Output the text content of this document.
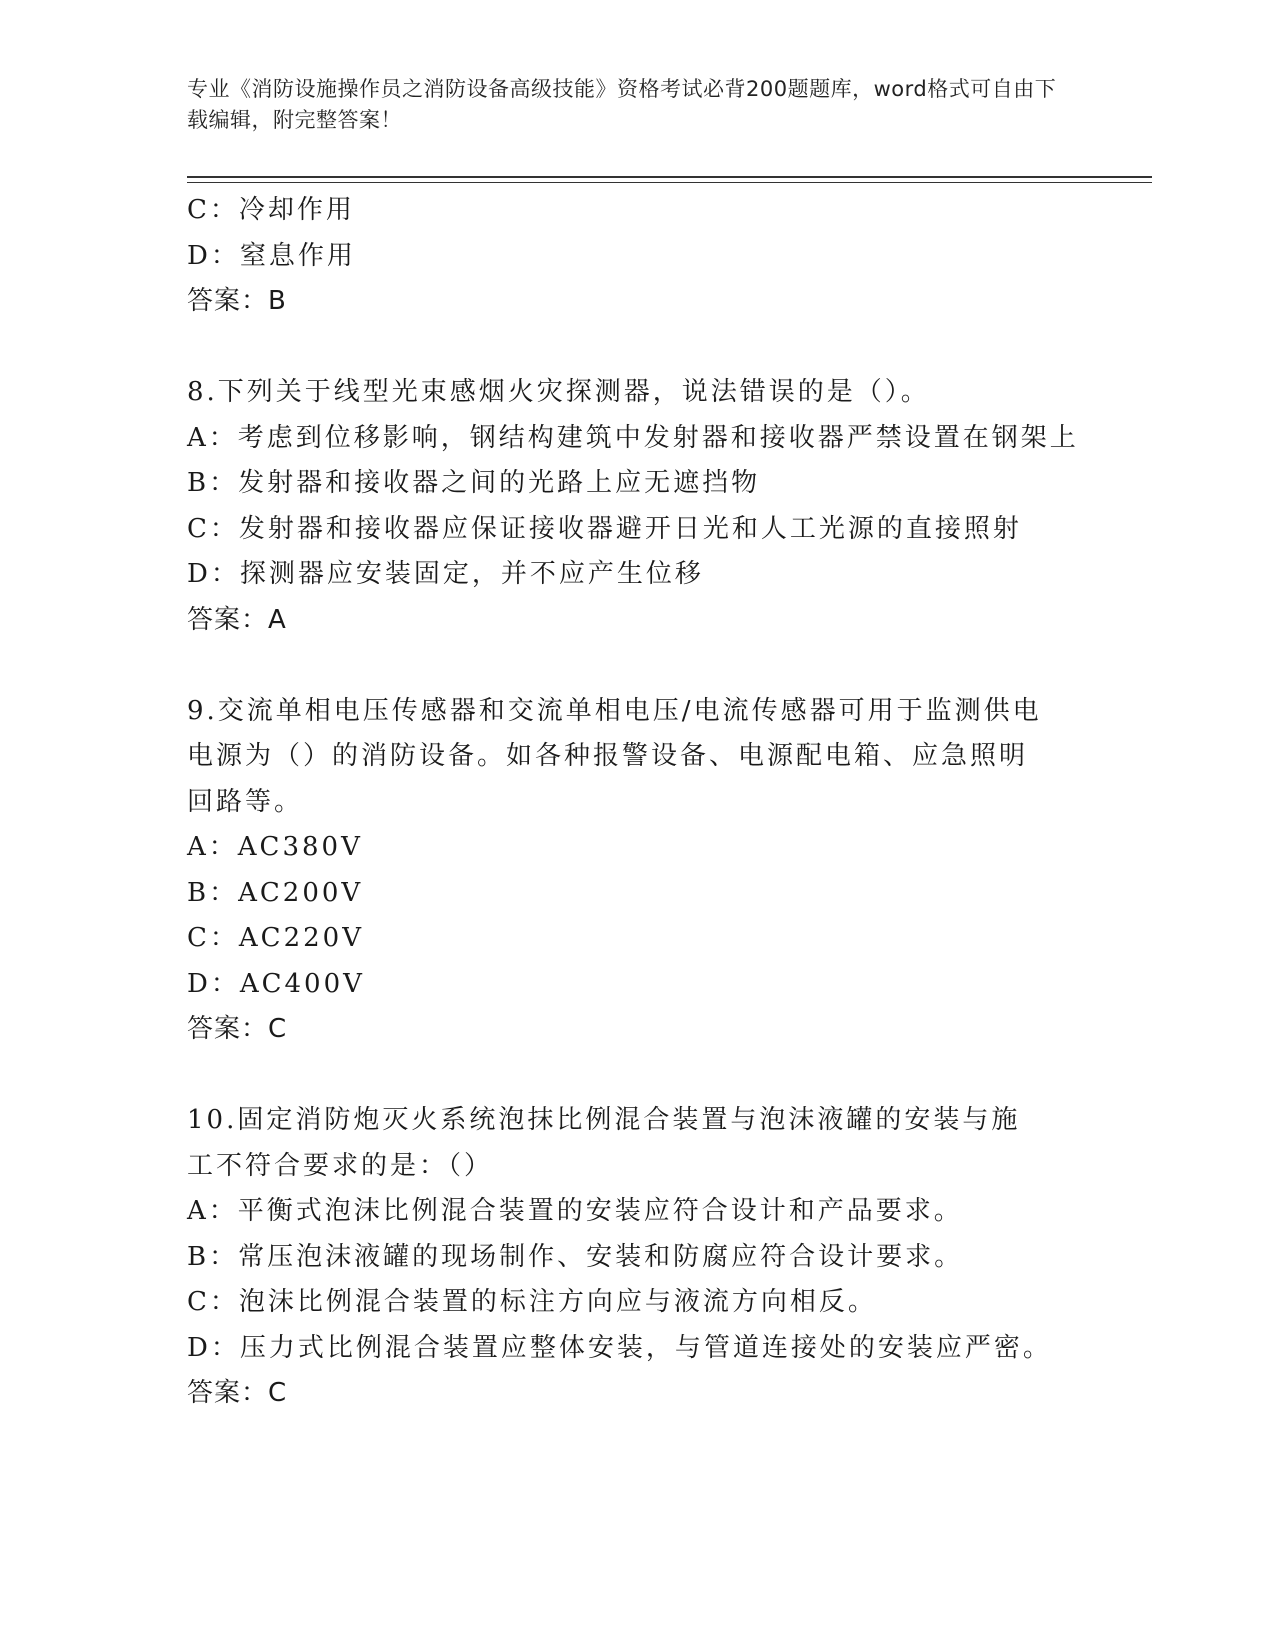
专业《消防设施操作员之消防设备高级技能》资格考试必背200题题库，word格式可自由下载编辑，附完整答案！
C：冷却作用
D：窒息作用
答案：B
8.下列关于线型光束感烟火灾探测器，说法错误的是（）。
A：考虑到位移影响，钢结构建筑中发射器和接收器严禁设置在钢架上
B：发射器和接收器之间的光路上应无遮挡物
C：发射器和接收器应保证接收器避开日光和人工光源的直接照射
D：探测器应安装固定，并不应产生位移
答案：A
9.交流单相电压传感器和交流单相电压/电流传感器可用于监测供电电源为（）的消防设备。如各种报警设备、电源配电箱、应急照明回路等。
A：AC380V
B：AC200V
C：AC220V
D：AC400V
答案：C
10.固定消防炮灭火系统泡抹比例混合装置与泡沫液罐的安装与施工不符合要求的是：（）
A：平衡式泡沫比例混合装置的安装应符合设计和产品要求。
B：常压泡沫液罐的现场制作、安装和防腐应符合设计要求。
C：泡沫比例混合装置的标注方向应与液流方向相反。
D：压力式比例混合装置应整体安装，与管道连接处的安装应严密。
答案：C
